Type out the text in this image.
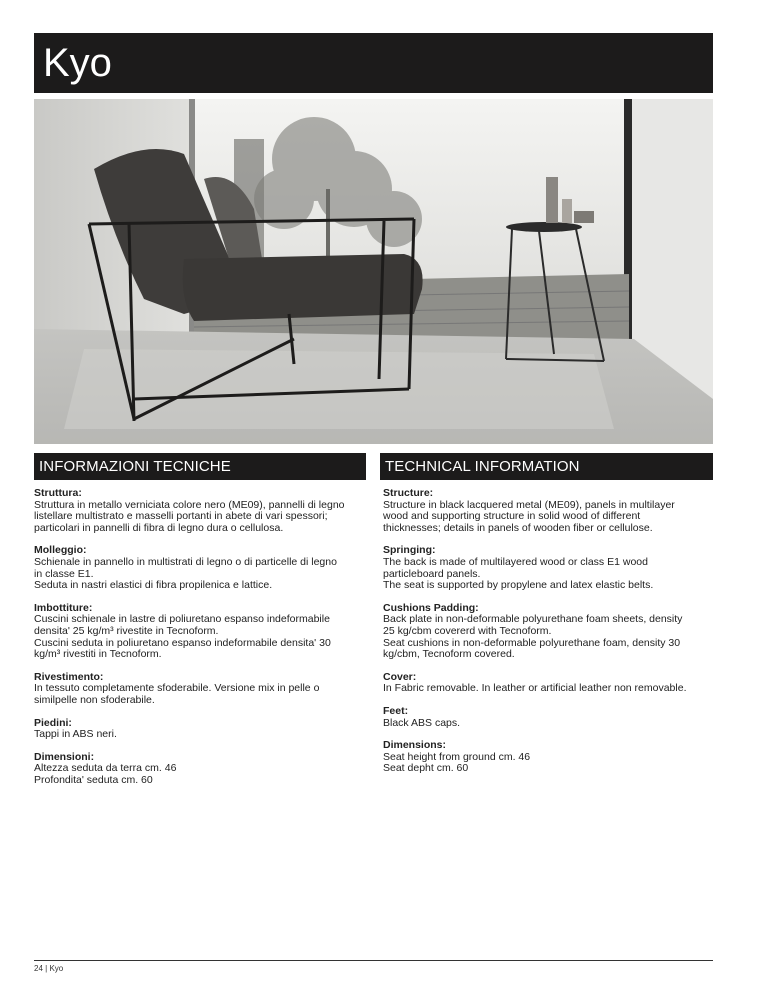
Kyo
INFORMAZIONI TECNICHE	TECHNICAL INFORMATION
Struttura:
Struttura in metallo verniciata colore nero (ME09), pannelli di legno
listellare multistrato e masselli portanti in abete di vari spessori;
particolari in pannelli di fibra di legno dura o cellulosa.
Molleggio:
Schienale in pannello in multistrati di legno o di particelle di legno
in classe E1.
Seduta in nastri elastici di fibra propilenica e lattice.
Imbottiture:
Cuscini schienale in lastre di poliuretano espanso indeformabile
densita' 25 kg/m³ rivestite in Tecnoform.
Cuscini seduta in poliuretano espanso indeformabile densita' 30
kg/m³ rivestiti in Tecnoform.
Rivestimento:
In tessuto completamente sfoderabile. Versione mix in pelle o
similpelle non sfoderabile.
Piedini:
Tappi in ABS neri.
Dimensioni:
Altezza seduta da terra cm. 46
Profondita' seduta cm. 60
Structure:
Structure in black lacquered metal (ME09), panels in multilayer
wood and supporting structure in solid wood of different
thicknesses; details in panels of wooden fiber or cellulose.
Springing:
The back is made of multilayered wood or class E1 wood
particleboard panels.
The seat is supported by propylene and latex elastic belts.
Cushions Padding:
Back plate in non-deformable polyurethane foam sheets, density
25 kg/cbm covererd with Tecnoform.
Seat cushions in non-deformable polyurethane foam, density 30
kg/cbm, Tecnoform covered.
Cover:
In Fabric removable. In leather or artificial leather non removable.
Feet:
Black ABS caps.
Dimensions:
Seat height from ground cm. 46
Seat depht cm. 60
24 | Kyo
